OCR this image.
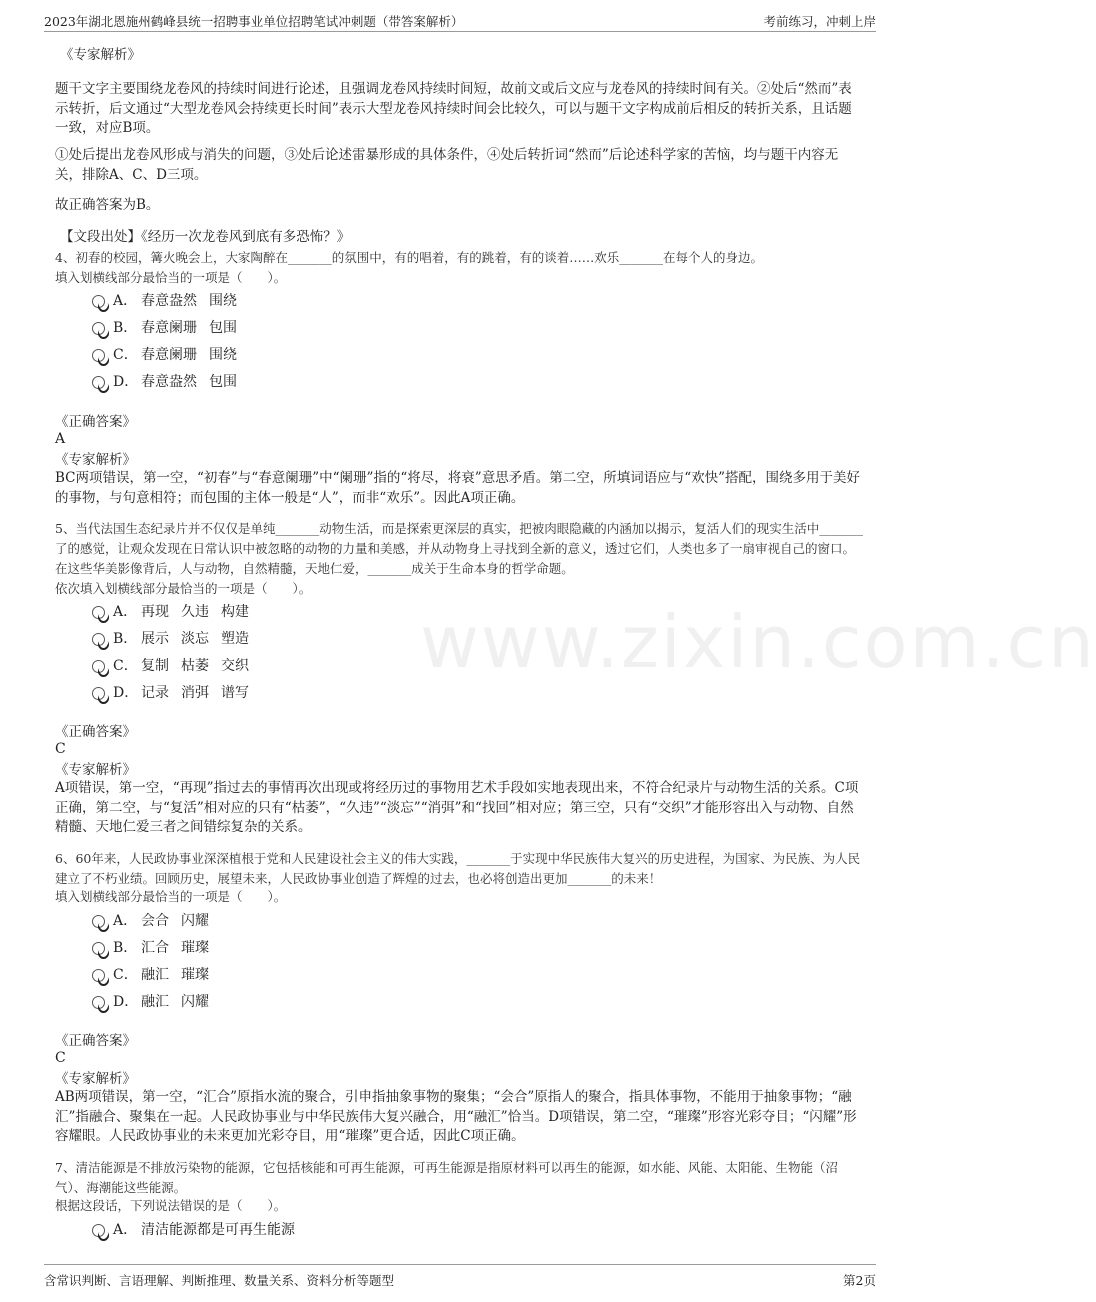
2023年湖北恩施州鹤峰县统一招聘事业单位招聘笔试冲刺题（带答案解析）	考前练习，冲刺上岸
www.zixin.com.cn
《专家解析》
题干文字主要围绕龙卷风的持续时间进行论述，且强调龙卷风持续时间短，故前文或后文应与龙卷风的持续时间有关。②处后“然而”表示转折，后文通过“大型龙卷风会持续更长时间”表示大型龙卷风持续时间会比较久，可以与题干文字构成前后相反的转折关系，且话题一致，对应B项。
①处后提出龙卷风形成与消失的问题，③处后论述雷暴形成的具体条件，④处后转折词“然而”后论述科学家的苦恼，均与题干内容无关，排除A、C、D三项。
故正确答案为B。
【文段出处】《经历一次龙卷风到底有多恐怖？》
4、初春的校园，篝火晚会上，大家陶醉在_______的氛围中，有的唱着，有的跳着，有的谈着……欢乐_______在每个人的身边。
填入划横线部分最恰当的一项是（　　）。
A． 春意盎然 围绕
B． 春意阑珊 包围
C． 春意阑珊 围绕
D． 春意盎然 包围
《正确答案》
A
《专家解析》
BC两项错误，第一空，“初春”与“春意阑珊”中“阑珊”指的“将尽，将衰”意思矛盾。第二空，所填词语应与“欢快”搭配，围绕多用于美好的事物，与句意相符；而包围的主体一般是“人”，而非“欢乐”。因此A项正确。
5、当代法国生态纪录片并不仅仅是单纯_______动物生活，而是探索更深层的真实，把被肉眼隐藏的内涵加以揭示，复活人们的现实生活中_______了的感觉，让观众发现在日常认识中被忽略的动物的力量和美感，并从动物身上寻找到全新的意义，透过它们，人类也多了一扇审视自己的窗口。在这些华美影像背后，人与动物，自然精髓，天地仁爱，_______成关于生命本身的哲学命题。
依次填入划横线部分最恰当的一项是（　　）。
A． 再现 久违 构建
B． 展示 淡忘 塑造
C． 复制 枯萎 交织
D． 记录 消弭 谱写
《正确答案》
C
《专家解析》
A项错误，第一空，“再现”指过去的事情再次出现或将经历过的事物用艺术手段如实地表现出来，不符合纪录片与动物生活的关系。C项正确，第二空，与“复活”相对应的只有“枯萎”，“久违”“淡忘”“消弭”和“找回”相对应；第三空，只有“交织”才能形容出入与动物、自然精髓、天地仁爱三者之间错综复杂的关系。
6、60年来，人民政协事业深深植根于党和人民建设社会主义的伟大实践，_______于实现中华民族伟大复兴的历史进程，为国家、为民族、为人民建立了不朽业绩。回顾历史，展望未来，人民政协事业创造了辉煌的过去，也必将创造出更加_______的未来！
填入划横线部分最恰当的一项是（　　）。
A． 会合 闪耀
B． 汇合 璀璨
C． 融汇 璀璨
D． 融汇 闪耀
《正确答案》
C
《专家解析》
AB两项错误，第一空，“汇合”原指水流的聚合，引申指抽象事物的聚集；“会合”原指人的聚合，指具体事物，不能用于抽象事物；“融汇”指融合、聚集在一起。人民政协事业与中华民族伟大复兴融合，用“融汇”恰当。D项错误，第二空，“璀璨”形容光彩夺目；“闪耀”形容耀眼。人民政协事业的未来更加光彩夺目，用“璀璨”更合适，因此C项正确。
7、清洁能源是不排放污染物的能源，它包括核能和可再生能源，可再生能源是指原材料可以再生的能源，如水能、风能、太阳能、生物能（沼气）、海潮能这些能源。
根据这段话，下列说法错误的是（　　）。
A． 清洁能源都是可再生能源
含常识判断、言语理解、判断推理、数量关系、资料分析等题型	第2页
